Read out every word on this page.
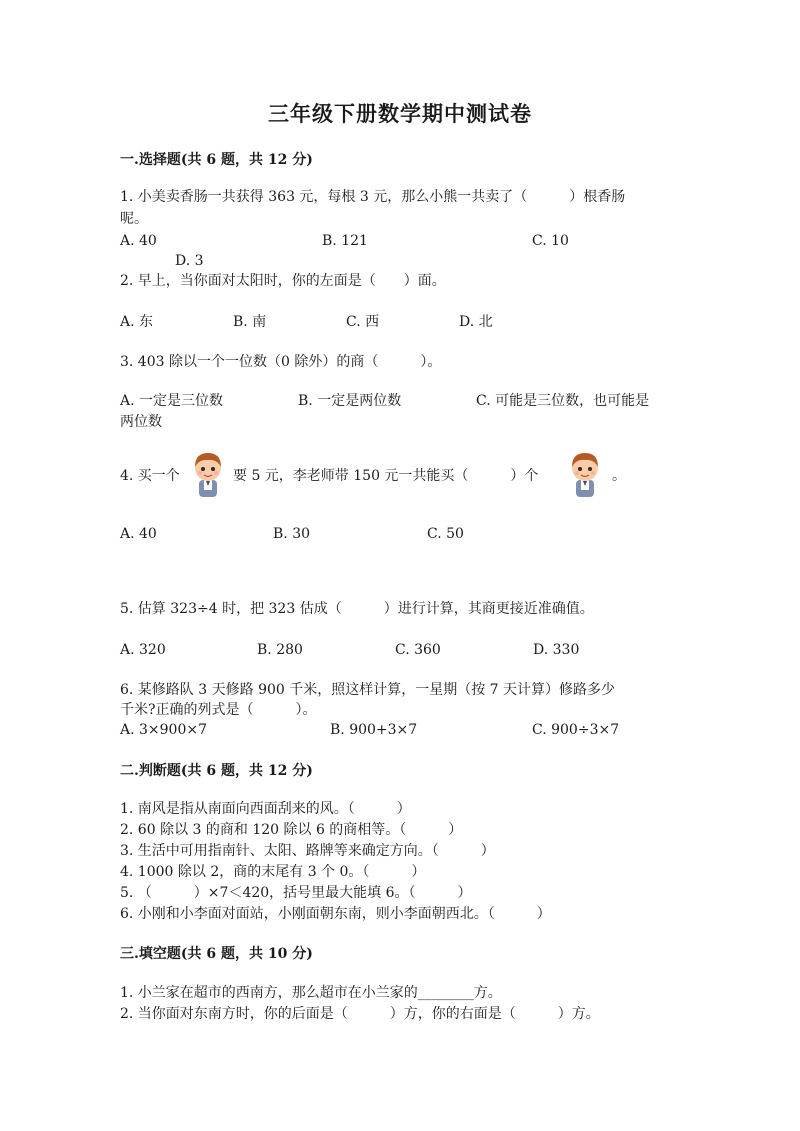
三年级下册数学期中测试卷
一.选择题(共 6 题，共 12 分)
1. 小美卖香肠一共获得 363 元，每根 3 元，那么小熊一共卖了（　　　）根香肠
呢。
A. 40	B. 121	C. 10
D. 3
2. 早上，当你面对太阳时，你的左面是（　　）面。
A. 东	B. 南	C. 西	D. 北
3. 403 除以一个一位数（0 除外）的商（　　　）。
A. 一定是三位数	B. 一定是两位数	C. 可能是三位数，也可能是
两位数
4. 买一个	要 5 元，李老师带 150 元一共能买（　　　）个	。
A. 40	B. 30	C. 50
5. 估算 323÷4 时，把 323 估成（　　　）进行计算，其商更接近准确值。
A. 320	B. 280	C. 360	D. 330
6. 某修路队 3 天修路 900 千米，照这样计算，一星期（按 7 天计算）修路多少
千米?正确的列式是（　　　）。
A. 3×900×7	B. 900+3×7	C. 900÷3×7
二.判断题(共 6 题，共 12 分)
1. 南风是指从南面向西面刮来的风。（　　　）
2. 60 除以 3 的商和 120 除以 6 的商相等。（　　　）
3. 生活中可用指南针、太阳、路牌等来确定方向。（　　　）
4. 1000 除以 2，商的末尾有 3 个 0。（　　　）
5. （　　　）×7＜420，括号里最大能填 6。（　　　）
6. 小刚和小李面对面站，小刚面朝东南，则小李面朝西北。（　　　）
三.填空题(共 6 题，共 10 分)
1. 小兰家在超市的西南方，那么超市在小兰家的________方。
2. 当你面对东南方时，你的后面是（　　　）方，你的右面是（　　　）方。
